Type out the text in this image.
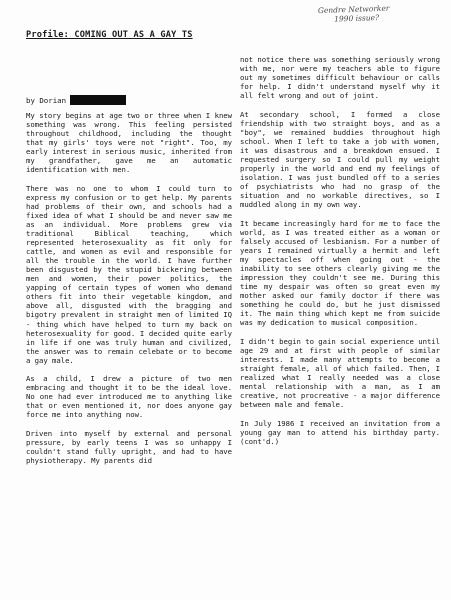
Gendre Networker
1990 issue?
Profile: COMING OUT AS A GAY TS
by Dorian

My story begins at age two or three when I knew something was wrong. This feeling persisted throughout childhood, including the thought that my girls' toys were not "right". Too, my early interest in serious music, inherited from my grandfather, gave me an automatic identification with men.

There was no one to whom I could turn to express my confusion or to get help. My parents had problems of their own, and schools had a fixed idea of what I should be and never saw me as an individual. More problems grew via traditional Biblical teaching, which represented heterosexuality as fit only for cattle, and women as evil and responsible for all the trouble in the world. I have further been disgusted by the stupid bickering between men and women, their power politics, the yapping of certain types of women who demand others fit into their vegetable kingdom, and above all, disgusted with the bragging and bigotry prevalent in straight men of limited IQ - thing which have helped to turn my back on heterosexuality for good. I decided quite early in life if one was truly human and civilized, the answer was to remain celebate or to become a gay male.

As a child, I drew a picture of two men embracing and thought it to be the ideal love. No one had ever introduced me to anything like that or even mentioned it, nor does anyone gay force me into anything now.

Driven into myself by external and personal pressure, by early teens I was so unhappy I couldn't stand fully upright, and had to have physiotherapy. My parents did

not notice there was something seriously wrong with me, nor were my teachers able to figure out my sometimes difficult behaviour or calls for help. I didn't understand myself why it all felt wrong and out of joint.

At secondary school, I formed a close friendship with two straight boys, and as a "boy", we remained buddies throughout high school. When I left to take a job with women, it was disastrous and a breakdown ensued. I requested surgery so I could pull my weight properly in the world and end my feelings of isolation. I was just bundled off to a series of psychiatrists who had no grasp of the situation and no workable directives, so I muddled along in my own way.

It became increasingly hard for me to face the world, as I was treated either as a woman or falsely accused of lesbianism. For a number of years I remained virtually a hermit and left my spectacles off when going out - the inability to see others clearly giving me the impression they couldn't see me. During this time my despair was often so great even my mother asked our family doctor if there was something he could do, but he just dismissed it. The main thing which kept me from suicide was my dedication to musical composition.

I didn't begin to gain social experience until age 29 and at first with people of similar interests. I made many attempts to become a straight female, all of which failed. Then, I realized what I really needed was a close mental relationship with a man, as I am creative, not procreative - a major difference between male and female.

In July 1986 I received an invitation from a young gay man to attend his birthday party. (cont'd.)
